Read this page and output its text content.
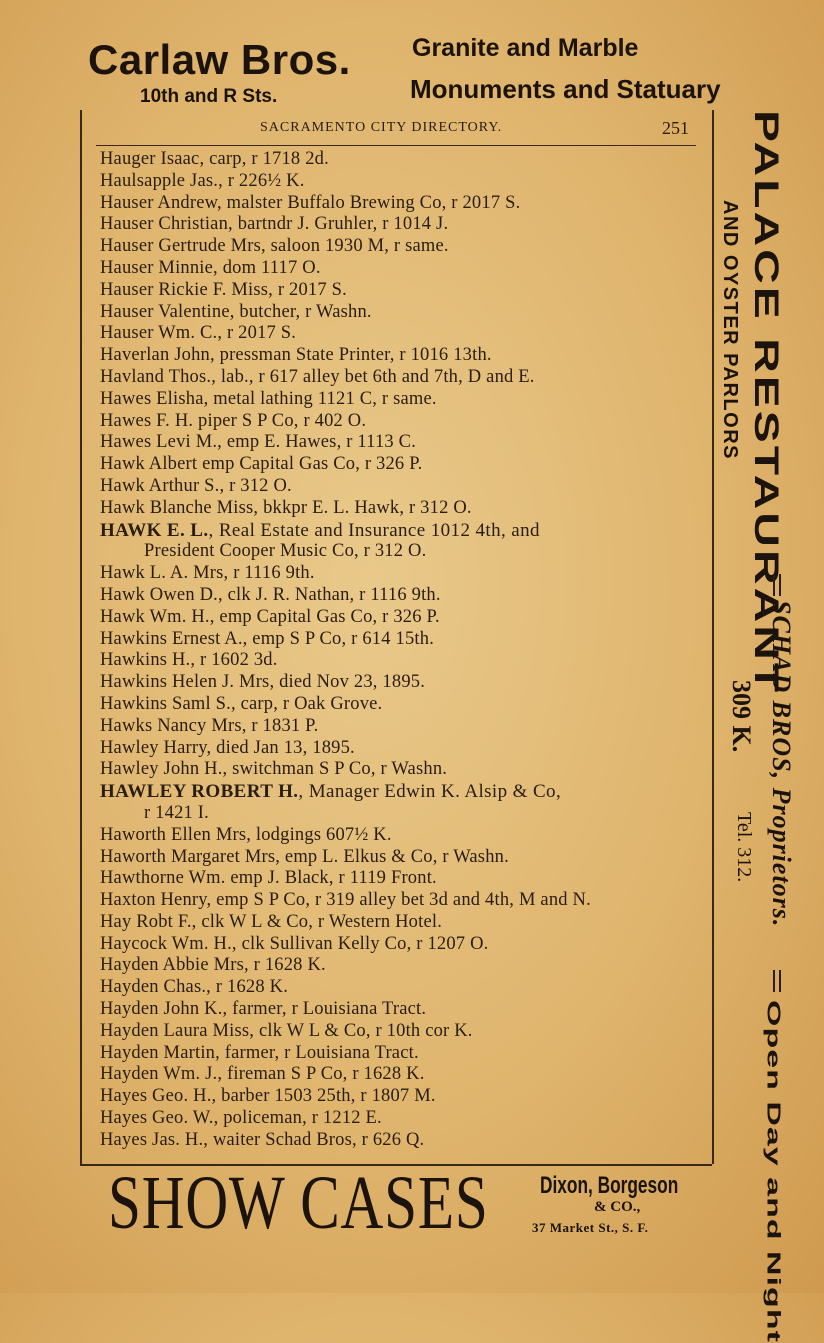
Carlaw Bros.
10th and R Sts.
Granite and Marble
Monuments and Statuary
SACRAMENTO CITY DIRECTORY.	251
Hauger Isaac, carp, r 1718 2d.
Haulsapple Jas., r 226½ K.
Hauser Andrew, malster Buffalo Brewing Co, r 2017 S.
Hauser Christian, bartndr J. Gruhler, r 1014 J.
Hauser Gertrude Mrs, saloon 1930 M, r same.
Hauser Minnie, dom 1117 O.
Hauser Rickie F. Miss, r 2017 S.
Hauser Valentine, butcher, r Washn.
Hauser Wm. C., r 2017 S.
Haverlan John, pressman State Printer, r 1016 13th.
Havland Thos., lab., r 617 alley bet 6th and 7th, D and E.
Hawes Elisha, metal lathing 1121 C, r same.
Hawes F. H. piper S P Co, r 402 O.
Hawes Levi M., emp E. Hawes, r 1113 C.
Hawk Albert emp Capital Gas Co, r 326 P.
Hawk Arthur S., r 312 O.
Hawk Blanche Miss, bkkpr E. L. Hawk, r 312 O.
HAWK E. L., Real Estate and Insurance 1012 4th, and
President Cooper Music Co, r 312 O.
Hawk L. A. Mrs, r 1116 9th.
Hawk Owen D., clk J. R. Nathan, r 1116 9th.
Hawk Wm. H., emp Capital Gas Co, r 326 P.
Hawkins Ernest A., emp S P Co, r 614 15th.
Hawkins H., r 1602 3d.
Hawkins Helen J. Mrs, died Nov 23, 1895.
Hawkins Saml S., carp, r Oak Grove.
Hawks Nancy Mrs, r 1831 P.
Hawley Harry, died Jan 13, 1895.
Hawley John H., switchman S P Co, r Washn.
HAWLEY ROBERT H., Manager Edwin K. Alsip & Co,
r 1421 I.
Haworth Ellen Mrs, lodgings 607½ K.
Haworth Margaret Mrs, emp L. Elkus & Co, r Washn.
Hawthorne Wm. emp J. Black, r 1119 Front.
Haxton Henry, emp S P Co, r 319 alley bet 3d and 4th, M and N.
Hay Robt F., clk W L & Co, r Western Hotel.
Haycock Wm. H., clk Sullivan Kelly Co, r 1207 O.
Hayden Abbie Mrs, r 1628 K.
Hayden Chas., r 1628 K.
Hayden John K., farmer, r Louisiana Tract.
Hayden Laura Miss, clk W L & Co, r 10th cor K.
Hayden Martin, farmer, r Louisiana Tract.
Hayden Wm. J., fireman S P Co, r 1628 K.
Hayes Geo. H., barber 1503 25th, r 1807 M.
Hayes Geo. W., policeman, r 1212 E.
Hayes Jas. H., waiter Schad Bros, r 626 Q.
PALACE RESTAURANT
AND OYSTER PARLORS
SCHAD BROS, Proprietors.
309 K.
Tel. 312.
Open Day and Night
SHOW CASES Dixon, Borgeson
& CO.,
37 Market St., S. F.
